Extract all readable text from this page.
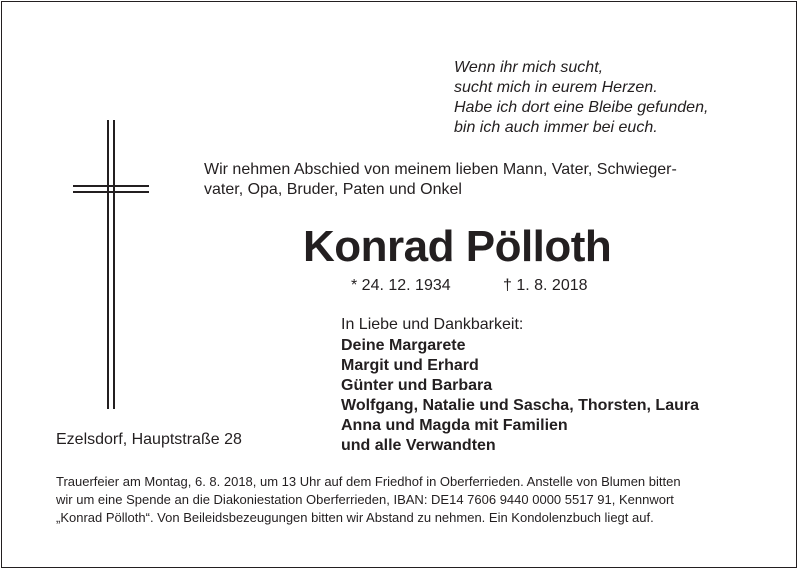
Wenn ihr mich sucht,
sucht mich in eurem Herzen.
Habe ich dort eine Bleibe gefunden,
bin ich auch immer bei euch.
Wir nehmen Abschied von meinem lieben Mann, Vater, Schwieger-
vater, Opa, Bruder, Paten und Onkel
Konrad Pölloth
* 24. 12. 1934	† 1. 8. 2018
In Liebe und Dankbarkeit:
Deine Margarete
Margit und Erhard
Günter und Barbara
Wolfgang, Natalie und Sascha, Thorsten, Laura
Anna und Magda mit Familien
und alle Verwandten
Ezelsdorf, Hauptstraße 28
Trauerfeier am Montag, 6. 8. 2018, um 13 Uhr auf dem Friedhof in Oberferrieden. Anstelle von Blumen bitten
wir um eine Spende an die Diakoniestation Oberferrieden, IBAN: DE14 7606 9440 0000 5517 91, Kennwort
„Konrad Pölloth“. Von Beileidsbezeugungen bitten wir Abstand zu nehmen. Ein Kondolenzbuch liegt auf.
